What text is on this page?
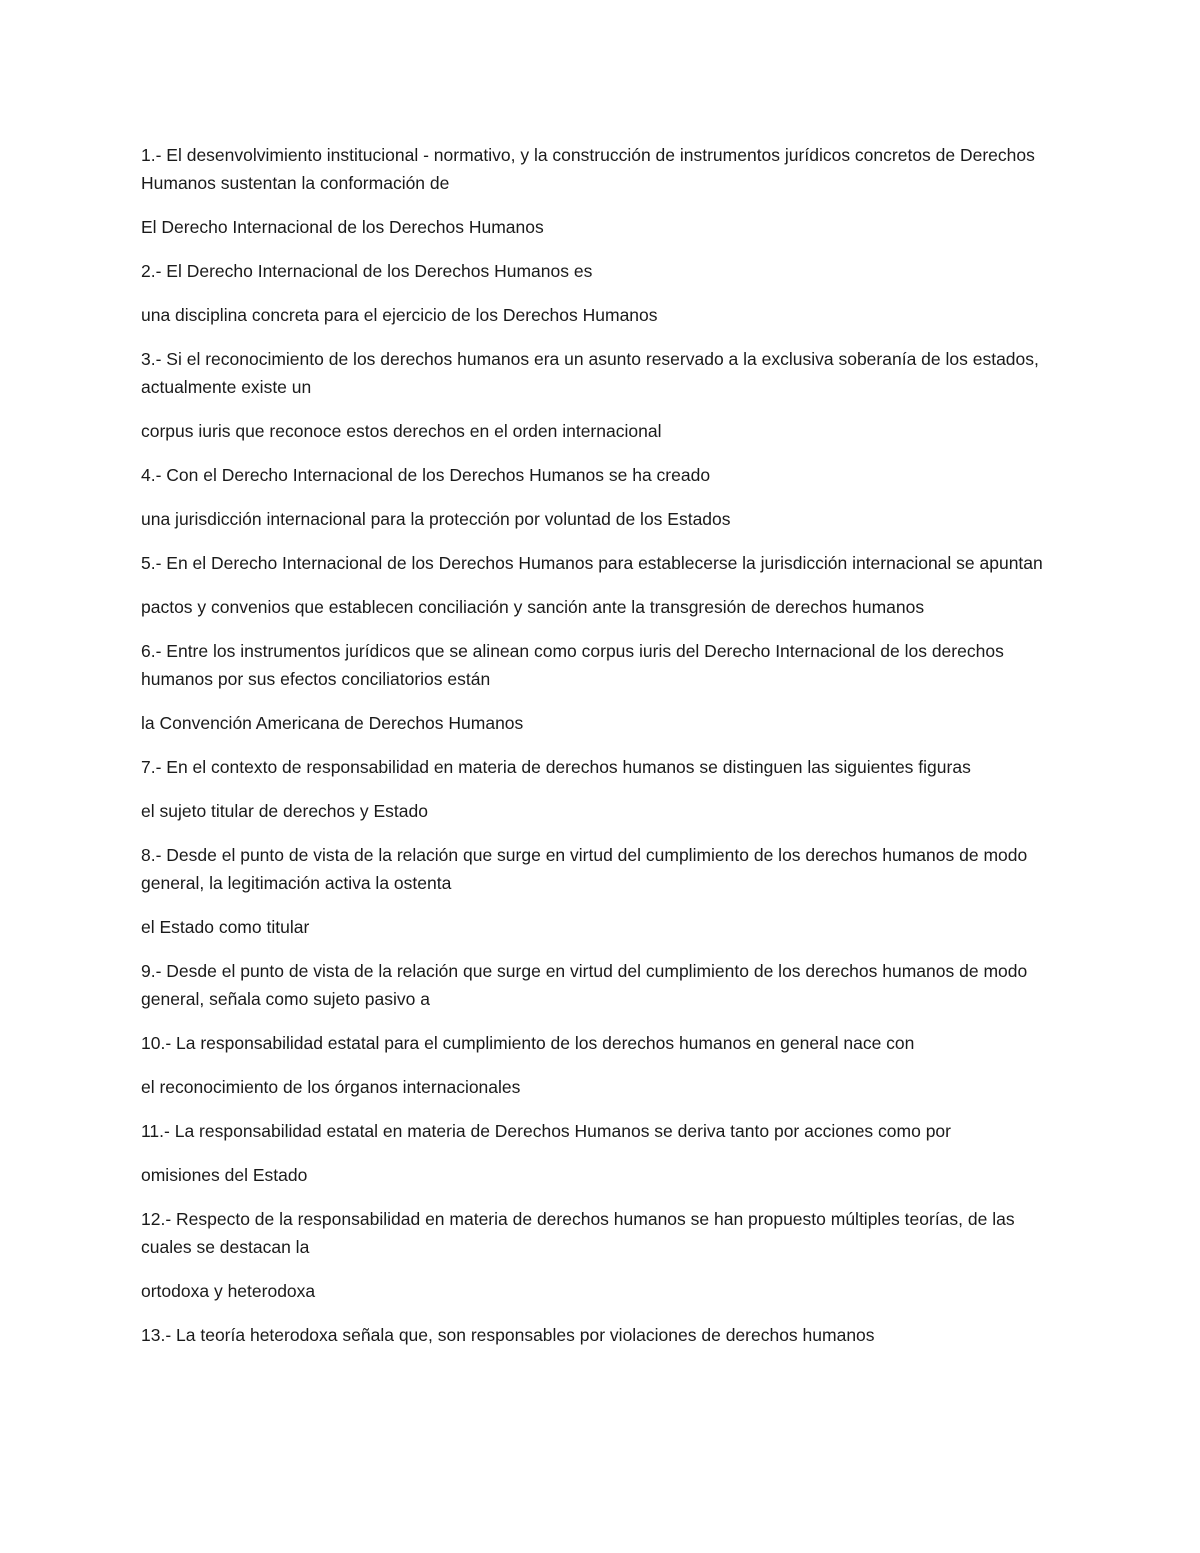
1.- El desenvolvimiento institucional - normativo, y la construcción de instrumentos jurídicos concretos de Derechos Humanos sustentan la conformación de

El Derecho Internacional de los Derechos Humanos

2.- El Derecho Internacional de los Derechos Humanos es

una disciplina concreta para el ejercicio de los Derechos Humanos

3.- Si el reconocimiento de los derechos humanos era un asunto reservado a la exclusiva soberanía de los estados, actualmente existe un

corpus iuris que reconoce estos derechos en el orden internacional

4.- Con el Derecho Internacional de los Derechos Humanos se ha creado

una jurisdicción internacional para la protección por voluntad de los Estados

5.- En el Derecho Internacional de los Derechos Humanos para establecerse la jurisdicción internacional se apuntan

pactos y convenios que establecen conciliación y sanción ante la transgresión de derechos humanos

6.- Entre los instrumentos jurídicos que se alinean como corpus iuris del Derecho Internacional de los derechos humanos por sus efectos conciliatorios están

la Convención Americana de Derechos Humanos

7.- En el contexto de responsabilidad en materia de derechos humanos se distinguen las siguientes figuras

el sujeto titular de derechos y Estado

8.- Desde el punto de vista de la relación que surge en virtud del cumplimiento de los derechos humanos de modo general, la legitimación activa la ostenta

el Estado como titular

9.- Desde el punto de vista de la relación que surge en virtud del cumplimiento de los derechos humanos de modo general, señala como sujeto pasivo a

10.- La responsabilidad estatal para el cumplimiento de los derechos humanos en general nace con

el reconocimiento de los órganos internacionales

11.- La responsabilidad estatal en materia de Derechos Humanos se deriva tanto por acciones como por

omisiones del Estado

12.- Respecto de la responsabilidad en materia de derechos humanos se han propuesto múltiples teorías, de las cuales se destacan la

ortodoxa y heterodoxa

13.- La teoría heterodoxa señala que, son responsables por violaciones de derechos humanos
